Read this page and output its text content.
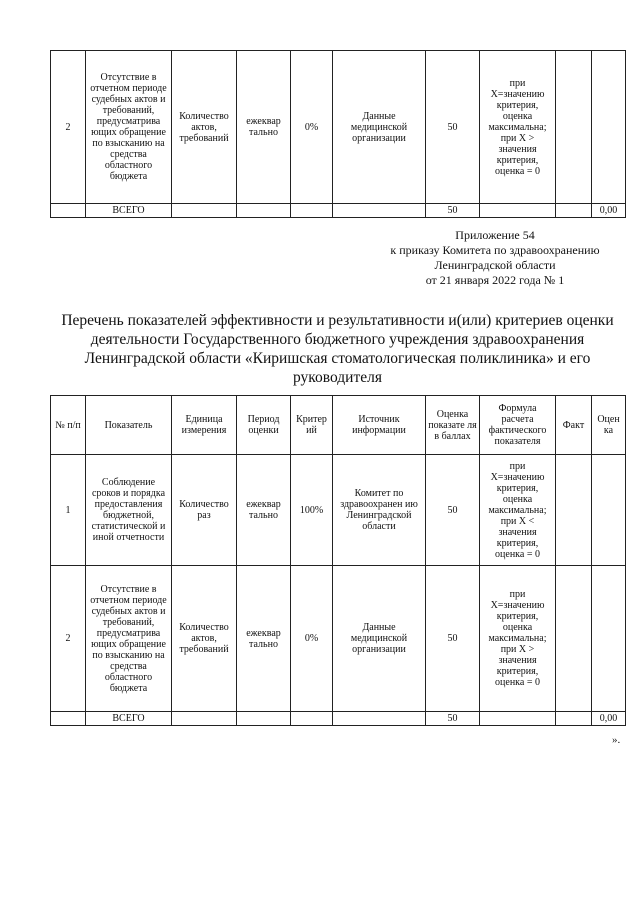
2	Отсутствие в отчетном периоде судебных актов и требований, предусматрива ющих обращение по взысканию на средства областного бюджета	Количество актов, требований	ежеквар тально	0%	Данные медицинской организации	50	при X=значению критерия, оценка максимальна; при X > значения критерия, оценка = 0		
	ВСЕГО					50			0,00
Приложение 54
к приказу Комитета по здравоохранению
Ленинградской области
от 21 января 2022 года № 1
Перечень показателей эффективности и результативности и(или) критериев оценки деятельности Государственного бюджетного учреждения здравоохранения Ленинградской области «Киришская стоматологическая поликлиника» и его руководителя
№ п/п	Показатель	Единица измерения	Период оценки	Критер ий	Источник информации	Оценка показате ля в баллах	Формула расчета фактического показателя	Факт	Оцен ка
1	Соблюдение сроков и порядка предоставления бюджетной, статистической и иной отчетности	Количество раз	ежеквар тально	100%	Комитет по здравоохранен ию Ленинградской области	50	при X=значению критерия, оценка максимальна; при X < значения критерия, оценка = 0		
2	Отсутствие в отчетном периоде судебных актов и требований, предусматрива ющих обращение по взысканию на средства областного бюджета	Количество актов, требований	ежеквар тально	0%	Данные медицинской организации	50	при X=значению критерия, оценка максимальна; при X > значения критерия, оценка = 0		
	ВСЕГО					50			0,00
».
